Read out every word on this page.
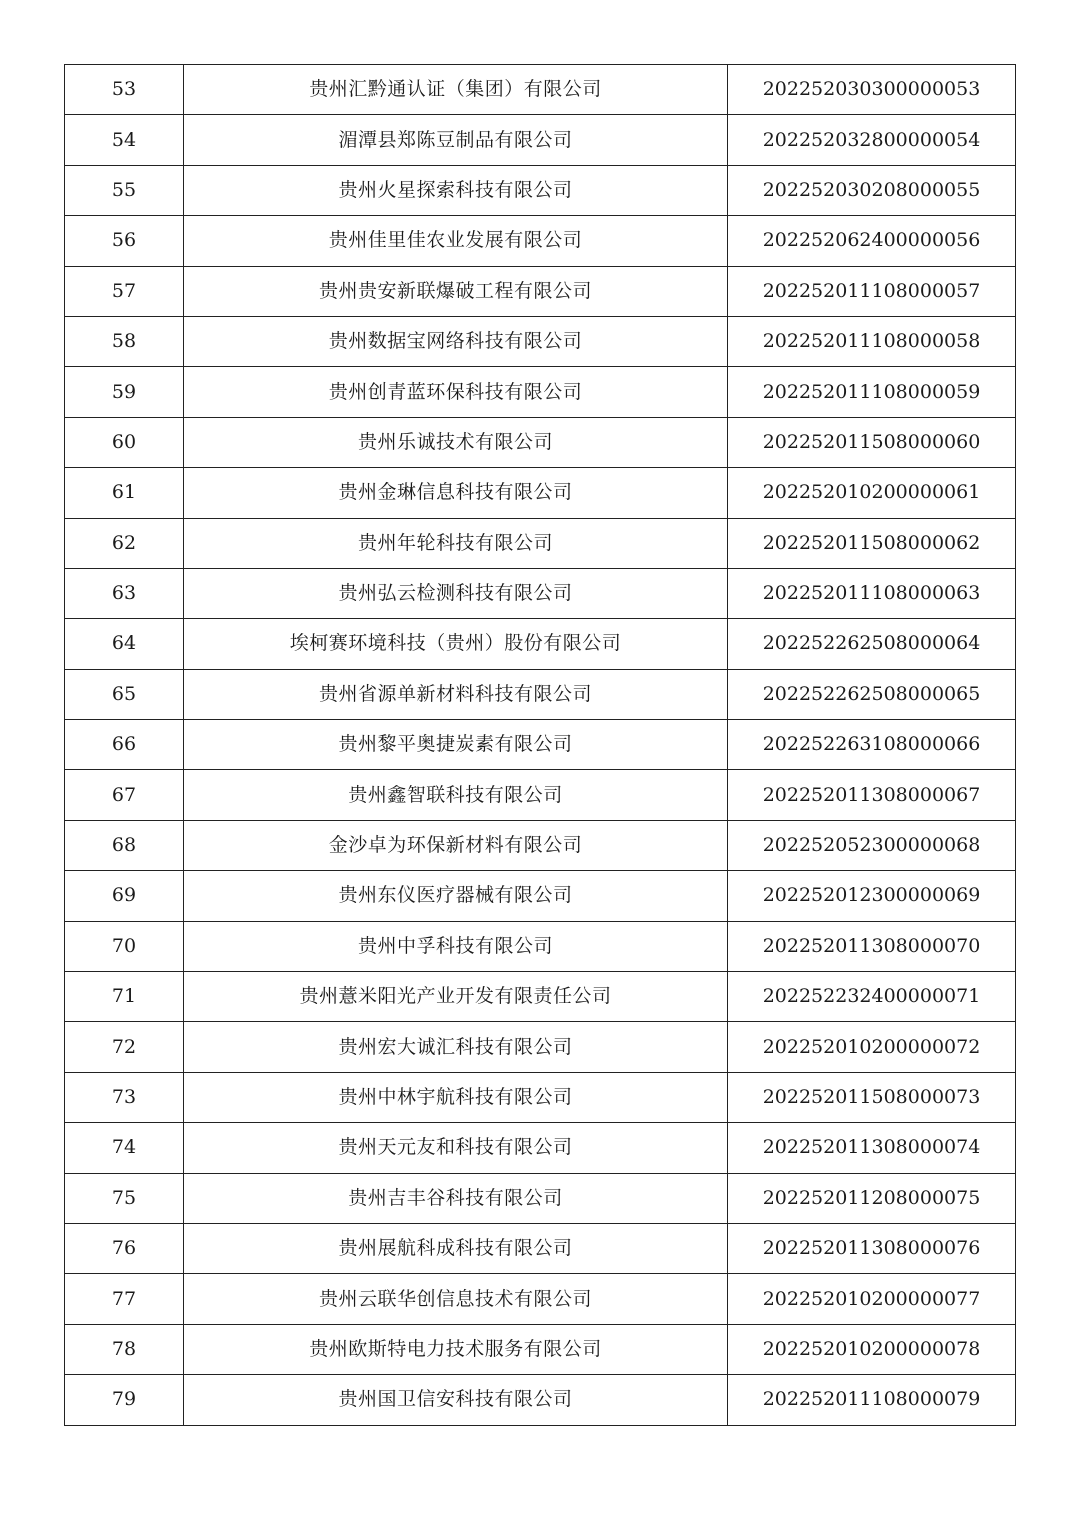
53	贵州汇黔通认证（集团）有限公司	202252030300000053
54	湄潭县郑陈豆制品有限公司	202252032800000054
55	贵州火星探索科技有限公司	202252030208000055
56	贵州佳里佳农业发展有限公司	202252062400000056
57	贵州贵安新联爆破工程有限公司	202252011108000057
58	贵州数据宝网络科技有限公司	202252011108000058
59	贵州创青蓝环保科技有限公司	202252011108000059
60	贵州乐诚技术有限公司	202252011508000060
61	贵州金琳信息科技有限公司	202252010200000061
62	贵州年轮科技有限公司	202252011508000062
63	贵州弘云检测科技有限公司	202252011108000063
64	埃柯赛环境科技（贵州）股份有限公司	202252262508000064
65	贵州省源单新材料科技有限公司	202252262508000065
66	贵州黎平奥捷炭素有限公司	202252263108000066
67	贵州鑫智联科技有限公司	202252011308000067
68	金沙卓为环保新材料有限公司	202252052300000068
69	贵州东仪医疗器械有限公司	202252012300000069
70	贵州中孚科技有限公司	202252011308000070
71	贵州薏米阳光产业开发有限责任公司	202252232400000071
72	贵州宏大诚汇科技有限公司	202252010200000072
73	贵州中林宇航科技有限公司	202252011508000073
74	贵州天元友和科技有限公司	202252011308000074
75	贵州吉丰谷科技有限公司	202252011208000075
76	贵州展航科成科技有限公司	202252011308000076
77	贵州云联华创信息技术有限公司	202252010200000077
78	贵州欧斯特电力技术服务有限公司	202252010200000078
79	贵州国卫信安科技有限公司	202252011108000079
